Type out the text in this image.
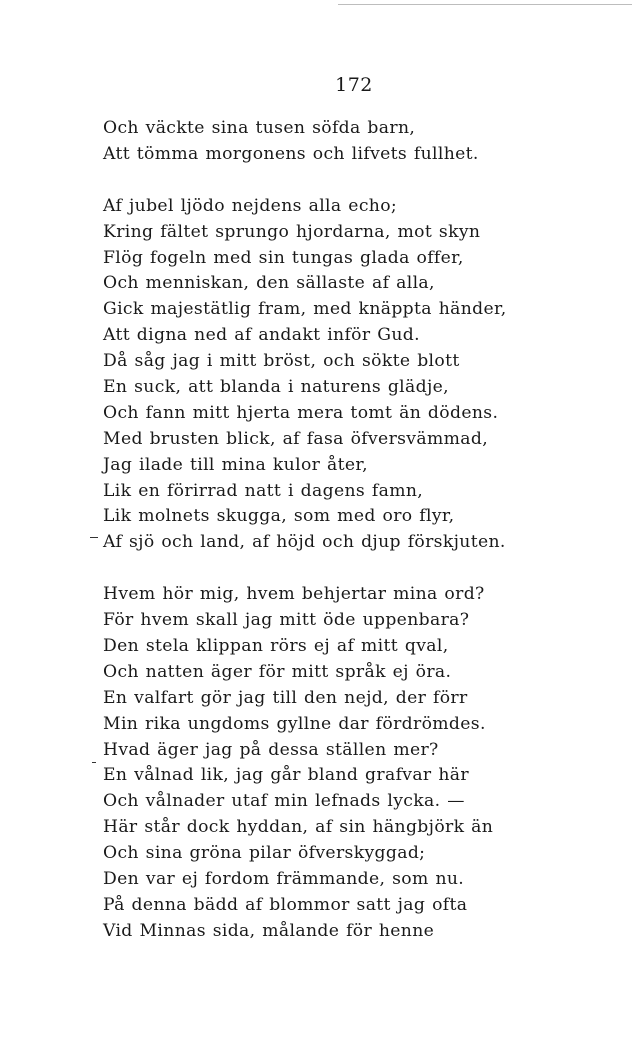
172
Och väckte sina tusen söfda barn,
Att tömma morgonens och lifvets fullhet.
Af jubel ljödo nejdens alla echo;
Kring fältet sprungo hjordarna, mot skyn
Flög fogeln med sin tungas glada offer,
Och menniskan, den sällaste af alla,
Gick majestätlig fram, med knäppta händer,
Att digna ned af andakt inför Gud.
Då såg jag i mitt bröst, och sökte blott
En suck, att blanda i naturens glädje,
Och fann mitt hjerta mera tomt än dödens.
Med brusten blick, af fasa öfversvämmad,
Jag ilade till mina kulor åter,
Lik en förirrad natt i dagens famn,
Lik molnets skugga, som med oro flyr,
Af sjö och land, af höjd och djup förskjuten.
Hvem hör mig, hvem behjertar mina ord?
För hvem skall jag mitt öde uppenbara?
Den stela klippan rörs ej af mitt qval,
Och natten äger för mitt språk ej öra.
En valfart gör jag till den nejd, der förr
Min rika ungdoms gyllne dar fördrömdes.
Hvad äger jag på dessa ställen mer?
En vålnad lik, jag går bland grafvar här
Och vålnader utaf min lefnads lycka. —
Här står dock hyddan, af sin hängbjörk än
Och sina gröna pilar öfverskyggad;
Den var ej fordom främmande, som nu.
På denna bädd af blommor satt jag ofta
Vid Minnas sida, målande för henne
